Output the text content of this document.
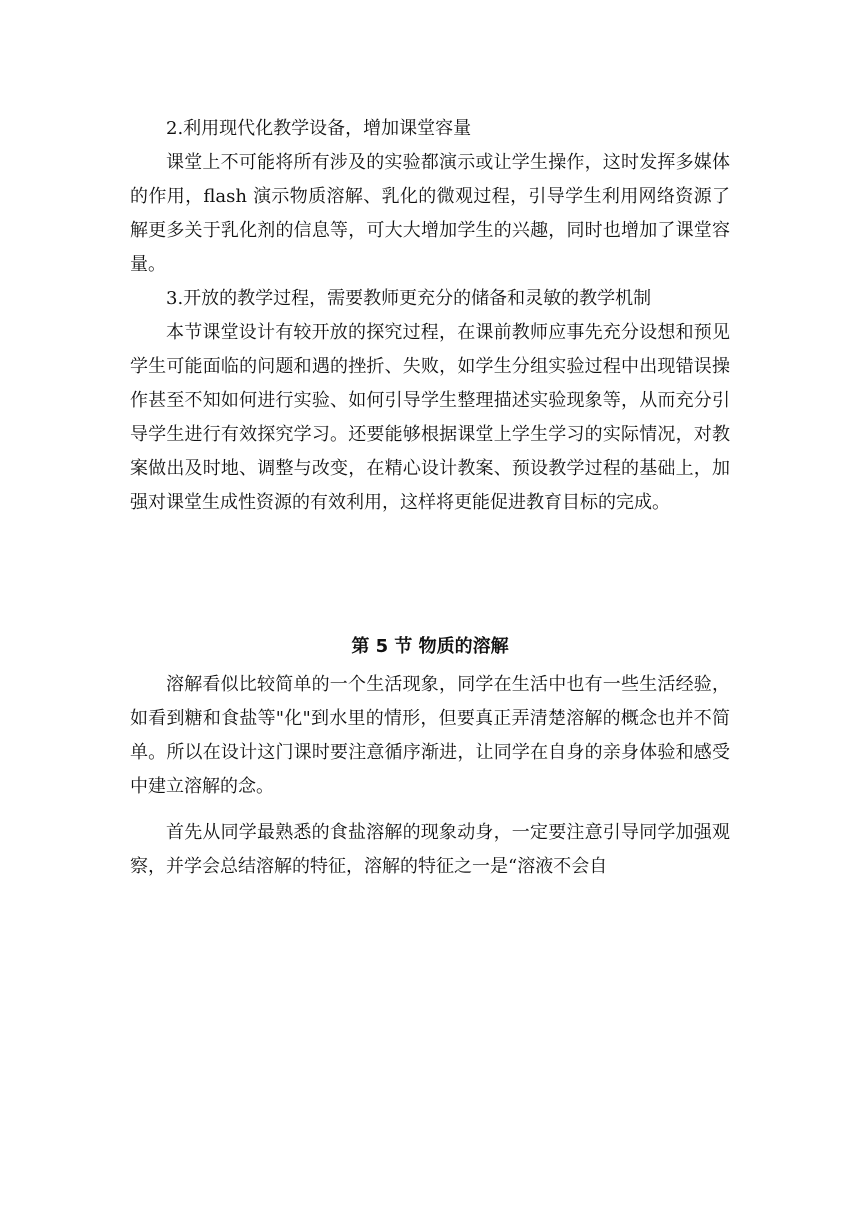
2.利用现代化教学设备，增加课堂容量

课堂上不可能将所有涉及的实验都演示或让学生操作，这时发挥多媒体的作用，flash 演示物质溶解、乳化的微观过程，引导学生利用网络资源了解更多关于乳化剂的信息等，可大大增加学生的兴趣，同时也增加了课堂容量。

3.开放的教学过程，需要教师更充分的储备和灵敏的教学机制

本节课堂设计有较开放的探究过程，在课前教师应事先充分设想和预见学生可能面临的问题和遇的挫折、失败，如学生分组实验过程中出现错误操作甚至不知如何进行实验、如何引导学生整理描述实验现象等，从而充分引导学生进行有效探究学习。还要能够根据课堂上学生学习的实际情况，对教案做出及时地、调整与改变，在精心设计教案、预设教学过程的基础上，加强对课堂生成性资源的有效利用，这样将更能促进教育目标的完成。

第 5 节 物质的溶解

溶解看似比较简单的一个生活现象，同学在生活中也有一些生活经验，如看到糖和食盐等"化"到水里的情形，但要真正弄清楚溶解的概念也并不简单。所以在设计这门课时要注意循序渐进，让同学在自身的亲身体验和感受中建立溶解的念。

首先从同学最熟悉的食盐溶解的现象动身，一定要注意引导同学加强观察，并学会总结溶解的特征，溶解的特征之一是“溶液不会自
